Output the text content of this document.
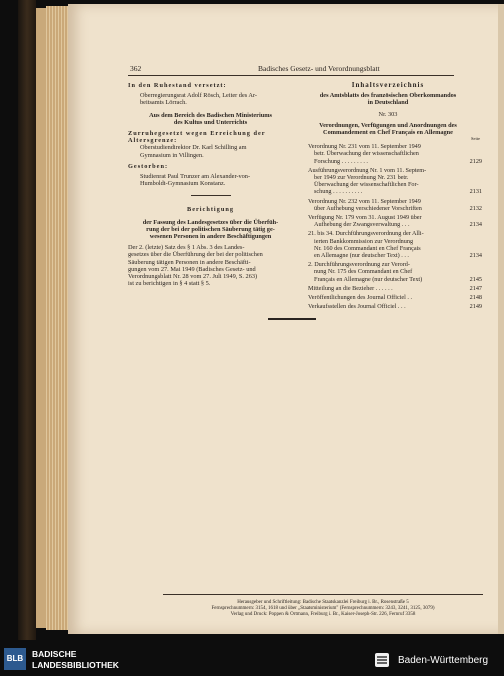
362	Badisches Gesetz- und Verordnungsblatt
In den Ruhestand versetzt:
Oberregierungsrat Adolf Rösch, Leiter des Ar-
beitsamts Lörrach.
Aus dem Bereich des Badischen Ministeriums
des Kultus und Unterrichts
Zurruhegesetzt wegen Erreichung der
Altersgrenze:
Oberstudiendirektor Dr. Karl Schilling am
Gymnasium in Villingen.
Gestorben:
Studienrat Paul Trunzer am Alexander-von-
Humboldt-Gymnasium Konstanz.
Berichtigung
der Fassung des Landesgesetzes über die Überfüh-
rung der bei der politischen Säuberung tätig ge-
wesenen Personen in andere Beschäftigungen
Der 2. (letzte) Satz des § 1 Abs. 3 des Landes-
gesetzes über die Überführung der bei der politischen
Säuberung tätigen Personen in andere Beschäfti-
gungen vom 27. Mai 1949 (Badisches Gesetz- und
Verordnungsblatt Nr. 28 vom 27. Juli 1949, S. 263)
ist zu berichtigen in § 4 statt § 5.
Inhaltsverzeichnis
des Amtsblatts des französischen Oberkommandos
in Deutschland
Nr. 303
Verordnungen, Verfügungen und Anordnungen des
Commandement en Chef Français en Allemagne
Seite
Verordnung Nr. 231 vom 11. September 1949
betr. Überwachung der wissenschaftlichen
Forschung . . . . . . . . .	2129
Ausführungsverordnung Nr. 1 vom 11. Septem-
ber 1949 zur Verordnung Nr. 231 betr.
Überwachung der wissenschaftlichen For-
schung . . . . . . . . . .	2131
Verordnung Nr. 232 vom 11. September 1949
über Aufhebung verschiedener Vorschriften	2132
Verfügung Nr. 179 vom 31. August 1949 über
Aufhebung der Zwangsverwaltung . . .	2134
21. bis 34. Durchführungsverordnung der Alli-
ierten Bankkommission zur Verordnung
Nr. 160 des Commandant en Chef Français
en Allemagne (nur deutscher Text) . . .	2134
2. Durchführungsverordnung zur Verord-
nung Nr. 175 des Commandant en Chef
Français en Allemagne (nur deutscher Text)	2145
Mitteilung an die Bezieher . . . . . .	2147
Veröffentlichungen des Journal Officiel . .	2148
Verkaufsstellen des Journal Officiel . . .	2149
Herausgeber und Schriftleitung: Badische Staatskanzlei Freiburg i. Br., Rosenstraße 5
Fernsprechnummern: 3154, 1618 und über „Staatsministerium" (Fernsprechnummern: 3243, 3241, 3125, 3079)
Verlag und Druck: Poppen & Ortmann, Freiburg i. Br., Kaiser-Joseph-Str. 226, Fernruf 3358
BLB	BADISCHE
LANDESBIBLIOTHEK	Baden-Württemberg
